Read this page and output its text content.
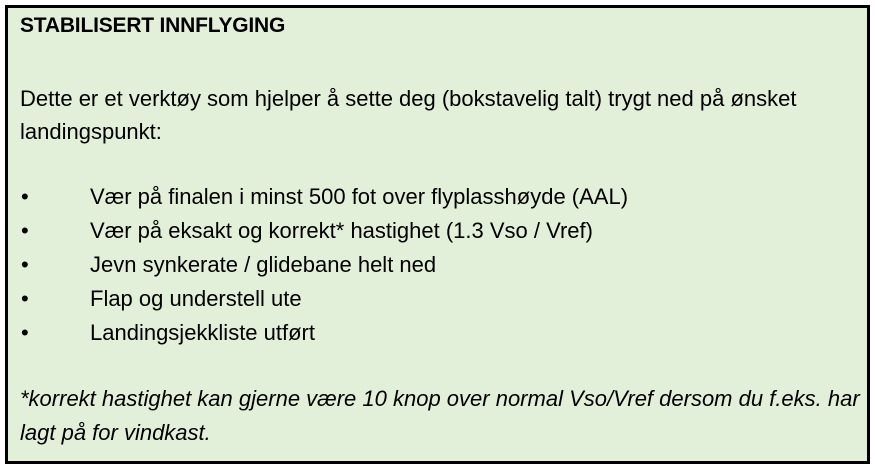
STABILISERT INNFLYGING
Dette er et verktøy som hjelper å sette deg (bokstavelig talt) trygt ned på ønsket landingspunkt:
•	Vær på finalen i minst 500 fot over flyplasshøyde (AAL)
•	Vær på eksakt og korrekt* hastighet (1.3 Vso / Vref)
•	Jevn synkerate / glidebane helt ned
•	Flap og understell ute
•	Landingsjekkliste utført
*korrekt hastighet kan gjerne være 10 knop over normal Vso/Vref dersom du f.eks. har lagt på for vindkast.
